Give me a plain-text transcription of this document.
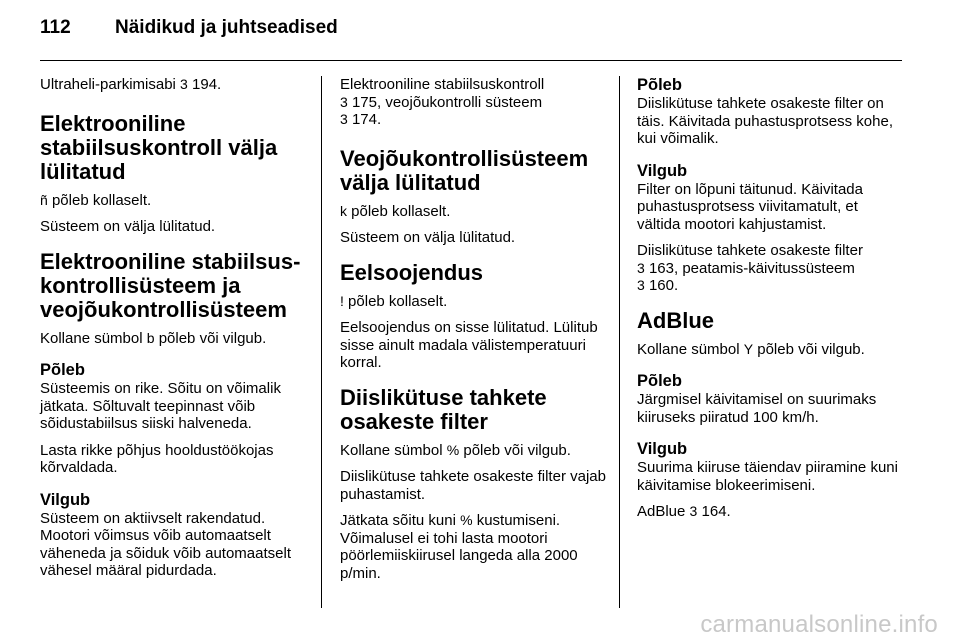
112 Näidikud ja juhtseadised

Ultraheli-parkimisabi 3 194.

Elektrooniline stabiilsuskontroll välja lülitatud

ñ põleb kollaselt.

Süsteem on välja lülitatud.

Elektrooniline stabiilsuskontrollisüsteem ja veojõukontrollisüsteem

Kollane sümbol b põleb või vilgub.

Põleb

Süsteemis on rike. Sõitu on võimalik jätkata. Sõltuvalt teepinnast võib sõidustabiilsus siiski halveneda.

Lasta rikke põhjus hooldustöökojas kõrvaldada.

Vilgub

Süsteem on aktiivselt rakendatud. Mootori võimsus võib automaatselt väheneda ja sõiduk võib automaatselt vähesel määral pidurdada.

Elektrooniline stabiilsuskontroll
3 175, veojõukontrolli süsteem
3 174.

Veojõukontrollisüsteem välja lülitatud

k põleb kollaselt.

Süsteem on välja lülitatud.

Eelsoojendus

! põleb kollaselt.

Eelsoojendus on sisse lülitatud. Lülitub sisse ainult madala välistemperatuuri korral.

Diislikütuse tahkete osakeste filter

Kollane sümbol % põleb või vilgub.

Diislikütuse tahkete osakeste filter vajab puhastamist.

Jätkata sõitu kuni % kustumiseni. Võimalusel ei tohi lasta mootori pöörlemiiskiirusel langeda alla 2000 p/min.

Põleb

Diislikütuse tahkete osakeste filter on täis. Käivitada puhastusprotsess kohe, kui võimalik.

Vilgub

Filter on lõpuni täitunud. Käivitada puhastusprotsess viivitamatult, et vältida mootori kahjustamist.

Diislikütuse tahkete osakeste filter
3 163, peatamis-käivitussüsteem
3 160.

AdBlue

Kollane sümbol Y põleb või vilgub.

Põleb

Järgmisel käivitamisel on suurimaks kiiruseks piiratud 100 km/h.

Vilgub

Suurima kiiruse täiendav piiramine kuni käivitamise blokeerimiseni.

AdBlue 3 164.

carmanualsonline.info
